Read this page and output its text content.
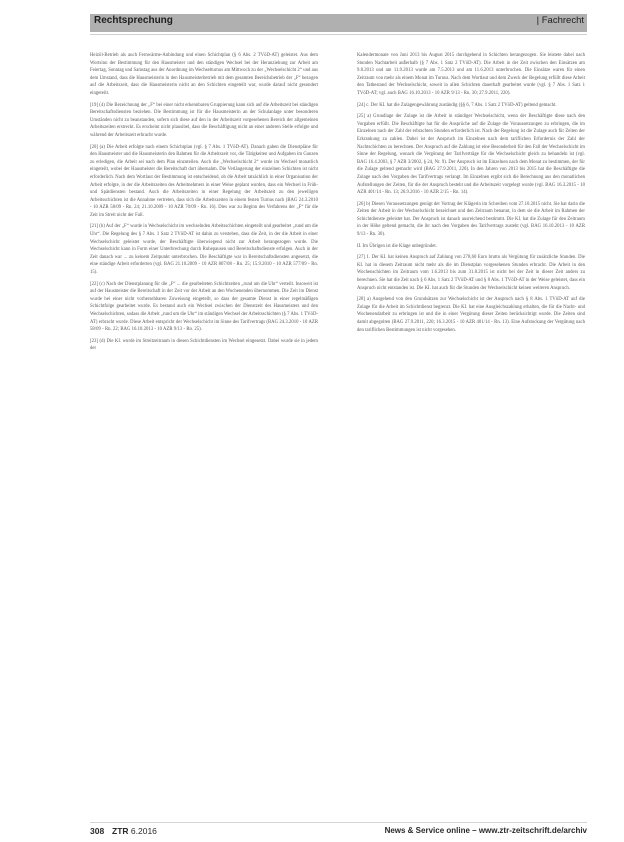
Rechtsprechung	| Fachrecht

Heizöl-Betrieb als auch Fernwärme-Anbindung und einen Schichtplan (§ 6 Abs. 2 TVöD-AT) geleistet. Aus dem Wortsinn der Bestimmung für den Hausmeister und den ständigen Wechsel bei der Heranziehung zur Arbeit am Feiertag, Sonntag und Samstag aus der Anordnung im Wechselturnus am Mittwoch zu der „Wechselschicht 2“ und aus dem Umstand, dass die Hausmeisterin in den Hausmeisterbetrieb mit dem gesamten Bereichsbetrieb der „F“ bezogen auf die Arbeitszeit, dass die Hausmeisterin nicht an den Schichten eingeteilt war, wurde darauf nicht gesondert eingeteilt.

[19] (4) Die Bezeichnung der „F“ bei einer nicht erkennbaren Gruppierung kann sich auf die Arbeitszeit bei ständigen Bereitschaftsdiensten beziehen. Die Bestimmung ist für die Hausmeisterin an der Schulanlage unter besonderen Umständen nicht zu beanstanden, sofern sich diese auf den in der Arbeitszeit vorgesehenen Bereich der allgemeinen Arbeitszeiten erstreckt. Es erscheint nicht plausibel, dass die Beschäftigung nicht an einer anderen Stelle erfolgte und während der Arbeitszeit erbracht wurde.

[20] (a) Die Arbeit erfolgte nach einem Schichtplan (vgl. § 7 Abs. 1 TVöD-AT). Danach gaben die Dienstpläne für den Hausmeister und die Hausmeisterin den Rahmen für die Arbeitszeit vor, die Tätigkeiten und Aufgaben im Ganzen zu erledigen, die Arbeit sei nach dem Plan einzuteilen. Auch die „Wechselschicht 2“ wurde im Wechsel monatlich eingeteilt, wobei der Hausmeister die Bereitschaft dort übernahm. Die Verlängerung der einzelnen Schichten ist nicht erforderlich. Nach dem Wortlaut der Bestimmung ist entscheidend, ob die Arbeit tatsächlich in einer Organisation der Arbeit erfolgte, in der die Arbeitszeiten des Arbeitnehmers in einer Weise geplant wurden, dass ein Wechsel in Früh- und Spätdiensten bestand. Auch die Arbeitszeiten in einer Regelung der Arbeitszeit zu den jeweiligen Arbeitsschichten ist die Annahme vertreten, dass sich die Arbeitszeiten in einem festen Turnus nach (BAG 24.3.2010 - 10 AZR 58/09 - Rn. 24; 21.10.2009 - 10 AZR 70/09 - Rn. 16). Dies war zu Beginn des Verfahrens der „F“ für die Zeit im Streit nicht der Fall.

[21] (b) Auf der „F“ wurde in Wechselschicht im wechselnden Arbeitsschichten eingeteilt und gearbeitet „rund um die Uhr“. Die Regelung des § 7 Abs. 1 Satz 2 TVöD-AT ist dahin zu verstehen, dass die Zeit, in der die Arbeit in einer Wechselschicht geleistet wurde, der Beschäftigte überwiegend nicht zur Arbeit herangezogen wurde. Die Wechselschicht kann in Form einer Unterbrechung durch Ruhepausen und Bereitschaftsdienste erfolgen. Auch in der Zeit danach war ... zu keinem Zeitpunkt unterbrochen. Die Beschäftigte war in Bereitschaftsdiensten angesetzt, die eine ständige Arbeit erforderten (vgl. BAG 21.10.2009 - 10 AZR 807/08 - Rn. 25; 15.9.2010 - 10 AZR 577/09 - Rn. 15).

[22] (c) Nach der Dienstplanung für die „F“ ... die gearbeiteten Schichtzeiten „rund um die Uhr“ verteilt. Insoweit ist auf der Hausmeister die Bereitschaft in der Zeit vor der Arbeit an den Wochenenden übernommen. Die Zeit im Dienst wurde bei einer nicht vorhersehbaren Zuweisung eingeteilt, so dass der gesamte Dienst in einer regelmäßigen Schichtfolge gearbeitet wurde. Es bestand auch ein Wechsel zwischen der Dienstzeit des Hausmeisters und den Wechselschichten, sodass die Arbeit „rund um die Uhr“ im ständigen Wechsel der Arbeitsschichten (§ 7 Abs. 1 TVöD-AT) erbracht wurde. Diese Arbeit entspricht der Wechselschicht im Sinne des Tarifvertrags (BAG 24.3.2010 - 10 AZR 58/09 - Rn. 22; BAG 16.10.2013 - 10 AZR 9/13 - Rn. 25).

[23] (d) Die KI. wurde im Streitzeitraum in diesen Schichtdiensten im Wechsel eingesetzt. Dabei wurde sie in jedem der

Kalendermonate von Juni 2013 bis August 2015 durchgehend in Schichten herangezogen. Sie leistete dabei nach Stunden Nachtarbeit außerhalb (§ 7 Abs. 1 Satz 2 TVöD-AT). Die Arbeit in der Zeit zwischen den Einsätzen am 9.8.2013 und am 11.9.2013 wurde am 7.5.2013 und am 11.6.2013 unterbrochen. Die Einsätze waren für einen Zeitraum von mehr als einem Monat im Turnus. Nach dem Wortlaut und dem Zweck der Regelung erfüllt diese Arbeit den Tatbestand der Wechselschicht, soweit in allen Schichten dauerhaft gearbeitet wurde (vgl. § 7 Abs. 1 Satz 1 TVöD-AT; vgl. auch BAG 16.10.2013 - 10 AZR 9/13 - Rn. 30; 27.9.2011, 220).

[24] c. Der KI. hat die Zulagengewährung zuständig (§§ 6, 7 Abs. 1 Satz 2 TVöD-AT) geltend gemacht.

[25] a) Grundlage der Zulage ist die Arbeit in ständiger Wechselschicht, wenn der Beschäftigte diese nach den Vorgaben erfüllt. Die Beschäftigte hat für die Ansprüche auf die Zulage die Voraussetzungen zu erbringen, die im Einzelnen nach der Zahl der erbrachten Stunden erforderlich ist. Nach der Regelung ist die Zulage auch für Zeiten der Erkrankung zu zahlen. Dabei ist der Anspruch im Einzelnen nach dem tariflichen Erfordernis der Zahl der Nachtschichten zu berechnen. Der Anspruch auf die Zahlung ist eine Besonderheit für den Fall der Wechselschicht im Sinne der Regelung, wonach die Vergütung der Tarifverträge für die Wechselschicht gleich zu behandeln ist (vgl. BAG 16.4.2003, § 7 AZR 3/2002, § 24, Nr. 9). Der Anspruch ist im Einzelnen nach dem Monat zu bestimmen, der für die Zulage geltend gemacht wird (BAG 27.9.2011, 220). In den Jahren von 2013 bis 2015 hat die Beschäftigte die Zulage nach den Vorgaben des Tarifvertrags verlangt. Im Einzelnen ergibt sich die Berechnung aus den monatlichen Aufstellungen der Zeiten, für die der Anspruch besteht und die Arbeitszeit vorgelegt wurde (vgl. BAG 16.3.2015 - 10 AZR 401/14 - Rn. 13; 26.9.2016 - 10 AZR 2/15 - Rn. 14).

[26] b) Diesen Voraussetzungen genügt der Vortrag der Klägerin im Schreiben vom 27.10.2015 nicht. Sie hat darin die Zeiten der Arbeit in der Wechselschicht bezeichnet und den Zeitraum benannt, in dem sie die Arbeit im Rahmen der Schichtdienste geleistet hat. Der Anspruch ist danach ausreichend bestimmt. Die KI. hat die Zulage für den Zeitraum in der Höhe geltend gemacht, die ihr nach den Vorgaben des Tarifvertrags zusteht (vgl. BAG 16.10.2013 - 10 AZR 9/13 - Rn. 30).

II. Im Übrigen ist die Klage unbegründet.

[27] 1. Der KI. hat keinen Anspruch auf Zahlung von 278,60 Euro brutto als Vergütung für zusätzliche Stunden. Die KI. hat in diesem Zeitraum nicht mehr als die im Dienstplan vorgesehenen Stunden erbracht. Die Arbeit in den Wochenschichten im Zeitraum vom 1.6.2013 bis zum 31.8.2015 ist nicht bei der Zeit in dieser Zeit anders zu berechnen. Sie hat die Zeit nach § 6 Abs. 1 Satz 2 TVöD-AT und § 8 Abs. 1 TVöD-AT in der Weise geleistet, dass ein Anspruch nicht entstanden ist. Die KI. hat auch für die Stunden der Wechselschicht keinen weiteren Anspruch.

[28] a) Ausgehend von den Grundsätzen zur Wechselschicht ist der Anspruch nach § 8 Abs. 1 TVöD-AT auf die Zulage für die Arbeit im Schichtdienst begrenzt. Die KI. hat eine Ausgleichszahlung erhalten, die für die Nacht- und Wochenendarbeit zu erbringen ist und die in einer Vergütung dieser Zeiten berücksichtigt wurde. Die Zeiten sind damit abgegolten (BAG 27.9.2011, 220; 16.3.2015 - 10 AZR 401/14 - Rn. 13). Eine Aufstockung der Vergütung nach den tariflichen Bestimmungen ist nicht vorgesehen.

308 ZTR 6.2016	News & Service online – www.ztr-zeitschrift.de/archiv
